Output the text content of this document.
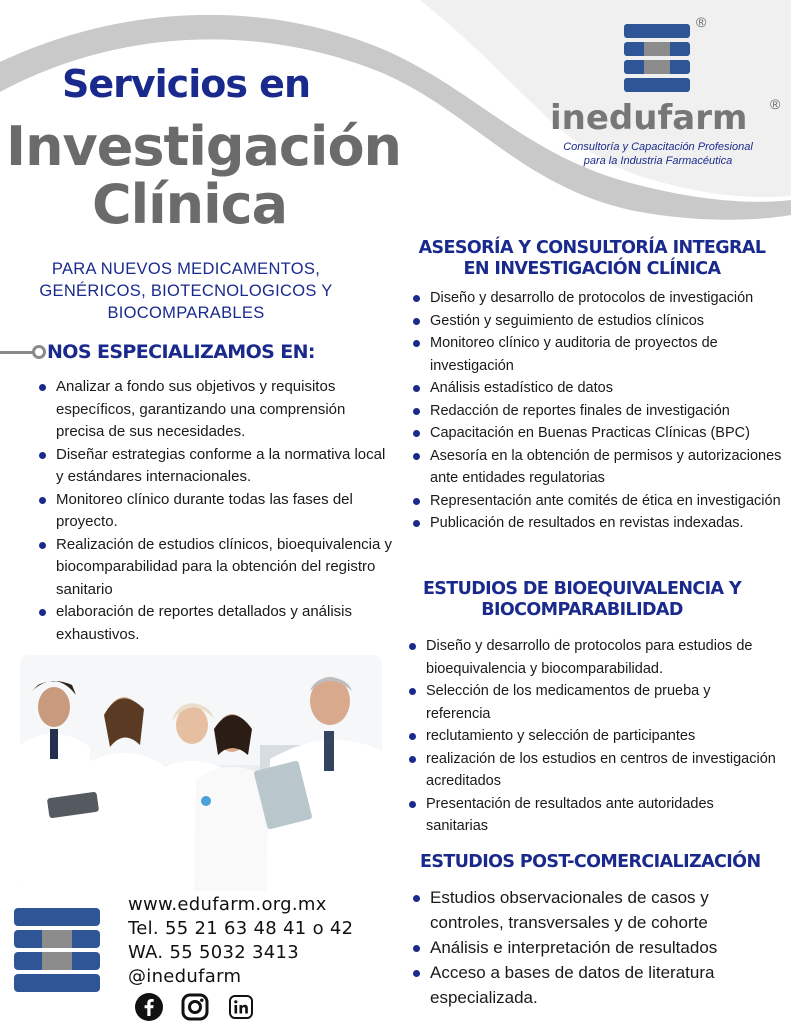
Servicios en
Investigación
Clínica
®
inedufarm ®
Consultoría y Capacitación Profesional
para la Industria Farmacéutica
PARA NUEVOS MEDICAMENTOS, GENÉRICOS, BIOTECNOLOGICOS Y BIOCOMPARABLES
NOS ESPECIALIZAMOS EN:
Analizar a fondo sus objetivos y requisitos específicos, garantizando una comprensión precisa de sus necesidades.
Diseñar estrategias conforme a la normativa local y estándares internacionales.
Monitoreo clínico durante todas las fases del proyecto.
Realización de estudios clínicos, bioequivalencia y biocomparabilidad para la obtención del registro sanitario
elaboración de reportes detallados y análisis exhaustivos.
www.edufarm.org.mx
Tel. 55 21 63 48 41 o 42
WA. 55 5032 3413
@inedufarm
ASESORÍA Y CONSULTORÍA INTEGRAL
EN INVESTIGACIÓN CLÍNICA
Diseño y desarrollo de protocolos de investigación
Gestión y seguimiento de estudios clínicos
Monitoreo clínico y auditoria de proyectos de investigación
Análisis estadístico de datos
Redacción de reportes finales de investigación
Capacitación en Buenas Practicas Clínicas (BPC)
Asesoría en la obtención de permisos y autorizaciones ante entidades regulatorias
Representación ante comités de ética en investigación
Publicación de resultados en revistas indexadas.
ESTUDIOS DE BIOEQUIVALENCIA Y
BIOCOMPARABILIDAD
Diseño y desarrollo de protocolos para estudios de bioequivalencia y biocomparabilidad.
Selección de los medicamentos de prueba y referencia
reclutamiento y selección de participantes
realización de los estudios en centros de investigación acreditados
Presentación de resultados ante autoridades sanitarias
ESTUDIOS POST-COMERCIALIZACIÓN
Estudios observacionales de casos y controles, transversales y de cohorte
Análisis e interpretación de resultados
Acceso a bases de datos de literatura especializada.
